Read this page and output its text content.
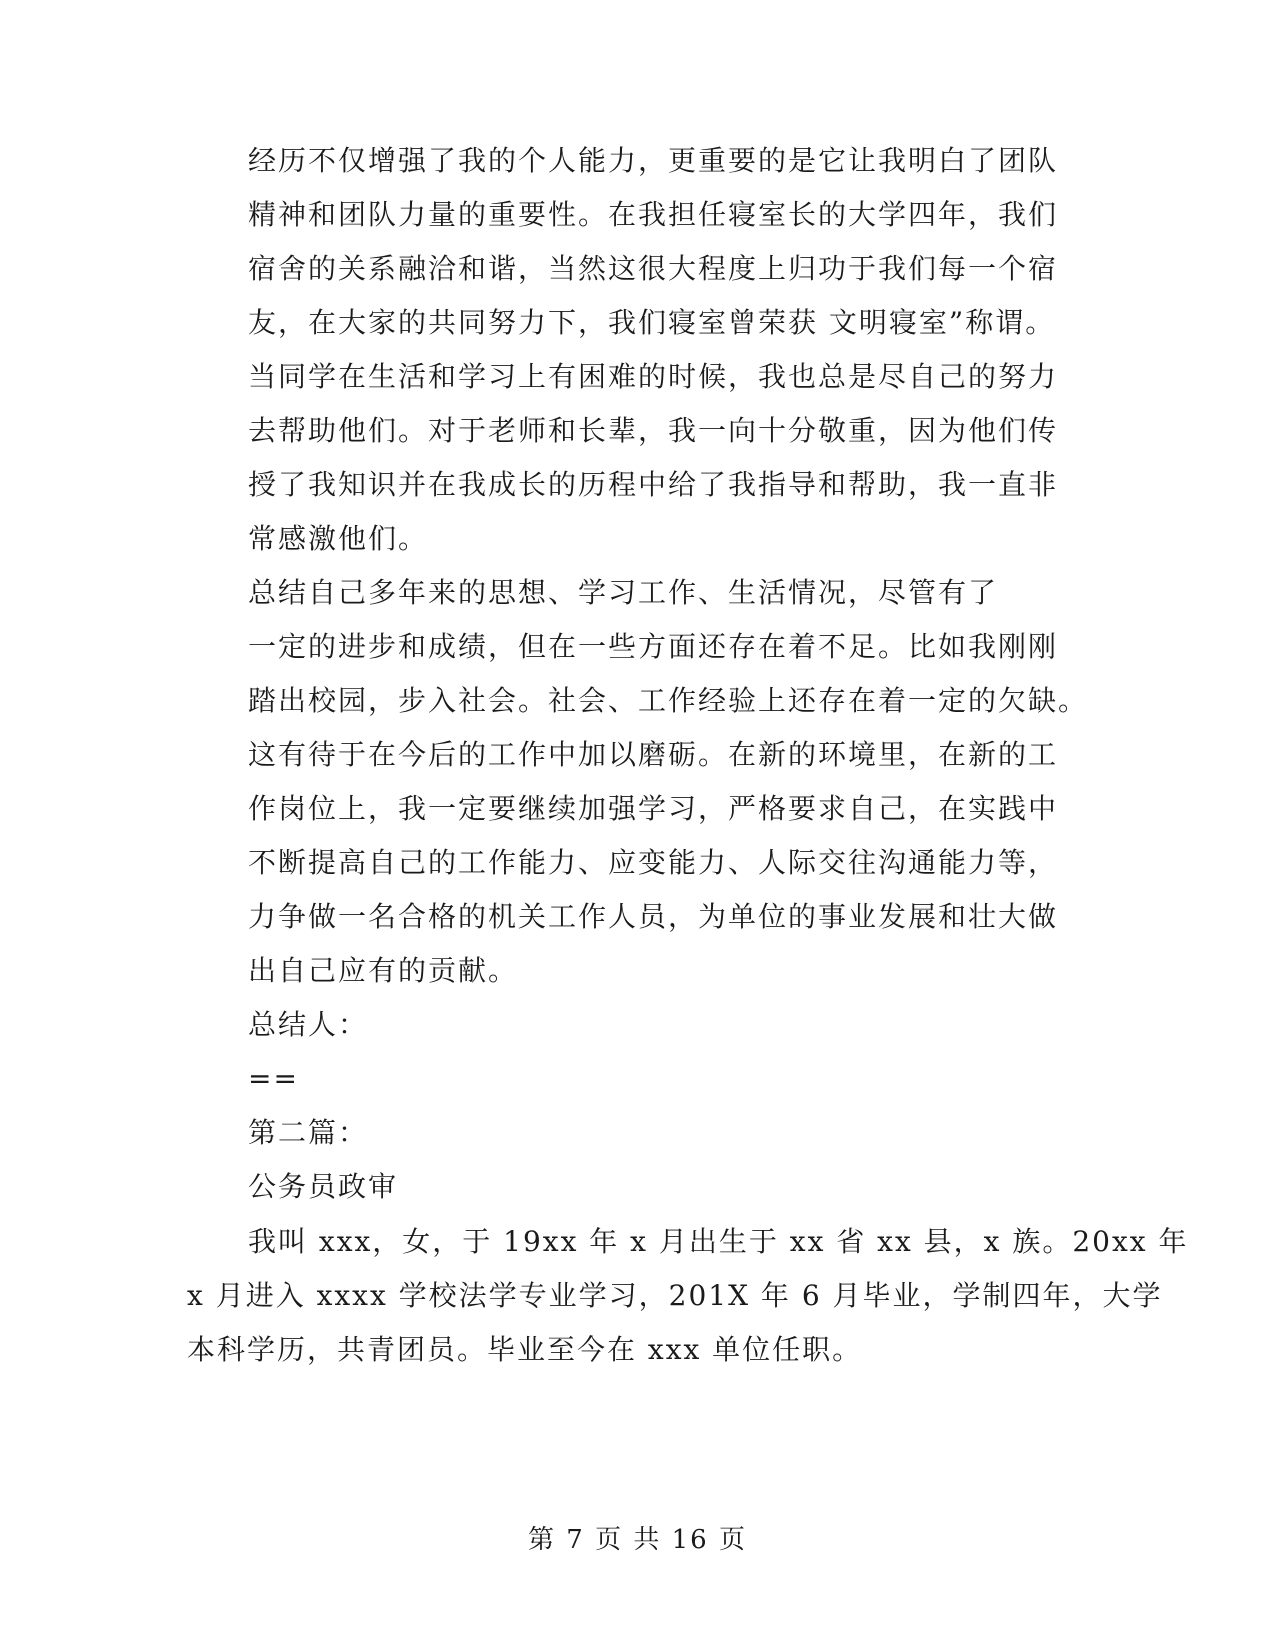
经历不仅增强了我的个人能力，更重要的是它让我明白了团队
精神和团队力量的重要性。在我担任寝室长的大学四年，我们
宿舍的关系融洽和谐，当然这很大程度上归功于我们每一个宿
友，在大家的共同努力下，我们寝室曾荣获 文明寝室”称谓。
当同学在生活和学习上有困难的时候，我也总是尽自己的努力
去帮助他们。对于老师和长辈，我一向十分敬重，因为他们传
授了我知识并在我成长的历程中给了我指导和帮助，我一直非
常感激他们。
总结自己多年来的思想、学习工作、生活情况，尽管有了
一定的进步和成绩，但在一些方面还存在着不足。比如我刚刚
踏出校园，步入社会。社会、工作经验上还存在着一定的欠缺。
这有待于在今后的工作中加以磨砺。在新的环境里，在新的工
作岗位上，我一定要继续加强学习，严格要求自己，在实践中
不断提高自己的工作能力、应变能力、人际交往沟通能力等，
力争做一名合格的机关工作人员，为单位的事业发展和壮大做
出自己应有的贡献。
总结人：
==
第二篇：
公务员政审
我叫 xxx，女，于 19xx 年 x 月出生于 xx 省 xx 县，x 族。20xx 年
x 月进入 xxxx 学校法学专业学习，201X 年 6 月毕业，学制四年，大学
本科学历，共青团员。毕业至今在 xxx 单位任职。
第 7 页 共 16 页
